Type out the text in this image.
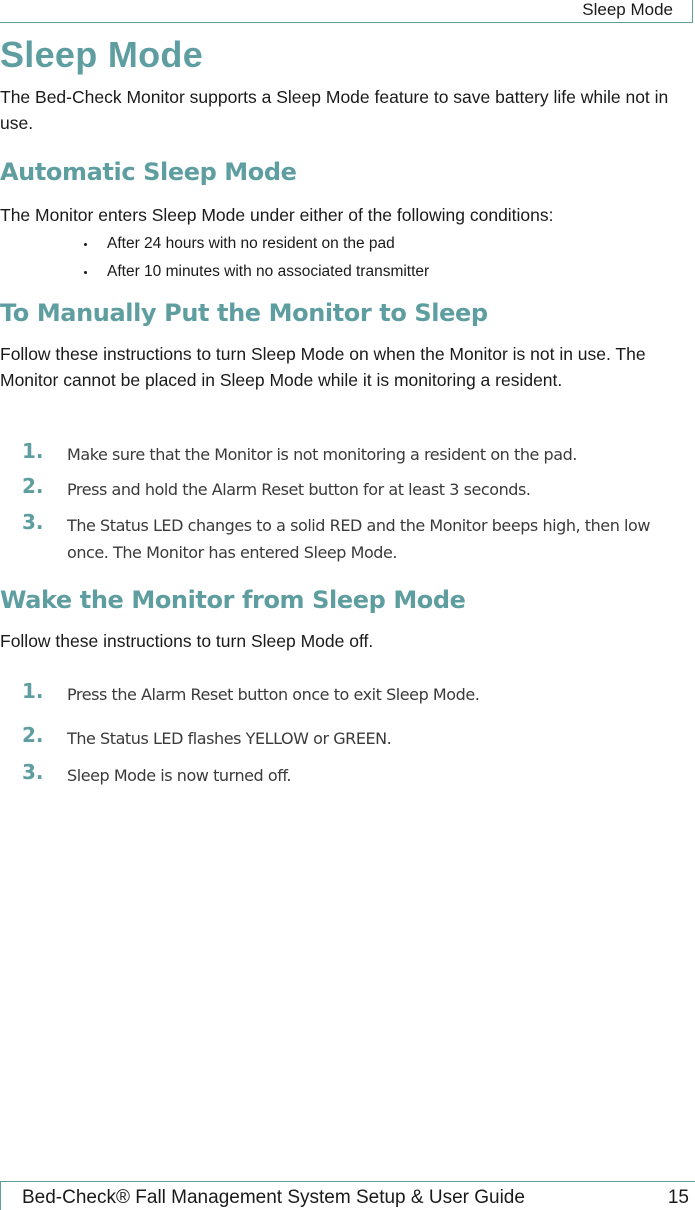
Sleep Mode
Sleep Mode
The Bed-Check Monitor supports a Sleep Mode feature to save battery life while not in use.
Automatic Sleep Mode
The Monitor enters Sleep Mode under either of the following conditions:
After 24 hours with no resident on the pad
After 10 minutes with no associated transmitter
To Manually Put the Monitor to Sleep
Follow these instructions to turn Sleep Mode on when the Monitor is not in use. The Monitor cannot be placed in Sleep Mode while it is monitoring a resident.
1. Make sure that the Monitor is not monitoring a resident on the pad.
2. Press and hold the Alarm Reset button for at least 3 seconds.
3. The Status LED changes to a solid RED and the Monitor beeps high, then low once. The Monitor has entered Sleep Mode.
Wake the Monitor from Sleep Mode
Follow these instructions to turn Sleep Mode off.
1. Press the Alarm Reset button once to exit Sleep Mode.
2. The Status LED flashes YELLOW or GREEN.
3. Sleep Mode is now turned off.
Bed-Check® Fall Management System Setup & User Guide	15
